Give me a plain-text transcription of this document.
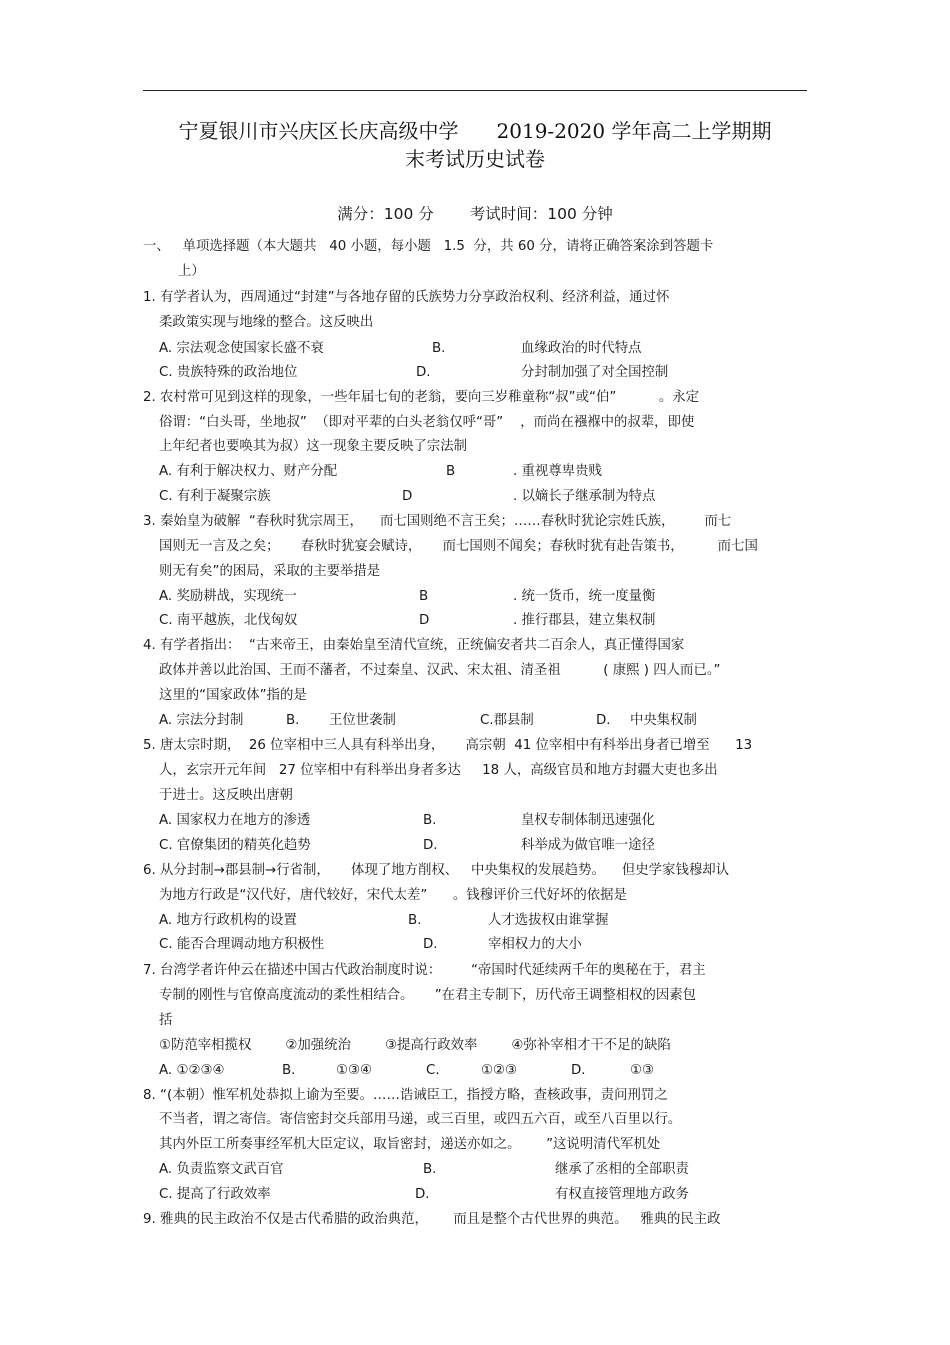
宁夏银川市兴庆区长庆高级中学 2019-2020 学年高二上学期期
末考试历史试卷
满分：100 分 考试时间：100 分钟
一、   单项选择题（本大题共   40 小题，每小题   1.5  分，共 60 分，请将正确答案涂到答题卡
上）
1. 有学者认为，西周通过“封建”与各地存留的氏族势力分享政治权利、经济利益，通过怀
柔政策实现与地缘的整合。这反映出
A. 宗法观念使国家长盛不衰	B.	血缘政治的时代特点
C. 贵族特殊的政治地位	D.	分封制加强了对全国控制
2. 农村常可见到这样的现象，一些年届七旬的老翁，要向三岁稚童称“叔”或“伯”          。永定
俗谓：“白头哥，坐地叔”  （即对平辈的白头老翁仅呼“哥”    ，而尚在襁褓中的叔辈，即使
上年纪者也要唤其为叔）这一现象主要反映了宗法制
A. 有利于解决权力、财产分配	B	. 重视尊卑贵贱
C. 有利于凝聚宗族	D	. 以嫡长子继承制为特点
3. 秦始皇为破解  “春秋时犹宗周王，    而七国则绝不言王矣；……春秋时犹论宗姓氏族，       而七
国则无一言及之矣；     春秋时犹宴会赋诗，     而七国则不闻矣；春秋时犹有赴告策书，        而七国
则无有矣”的困局，采取的主要举措是
A. 奖励耕战，实现统一	B	. 统一货币，统一度量衡
C. 南平越族，北伐匈奴	D	. 推行郡县，建立集权制
4. 有学者指出：  “古来帝王，由秦始皇至清代宣统，正统偏安者共二百余人，真正懂得国家
政体并善以此治国、王而不藩者，不过秦皇、汉武、宋太祖、清圣祖          ( 康熙 ) 四人而已。”
这里的“国家政体”指的是
A. 宗法分封制	B. 王位世袭制	C.郡县制	D. 中央集权制
5. 唐太宗时期，  26 位宰相中三人具有科举出身，     高宗朝  41 位宰相中有科举出身者已增至      13
人，玄宗开元年间   27 位宰相中有科举出身者多达     18 人，高级官员和地方封疆大吏也多出
于进士。这反映出唐朝
A. 国家权力在地方的渗透	B.	皇权专制体制迅速强化
C. 官僚集团的精英化趋势	D.	科举成为做官唯一途径
6. 从分封制→郡县制→行省制，     体现了地方削权、   中央集权的发展趋势。    但史学家钱穆却认
为地方行政是“汉代好，唐代较好，宋代太差”      。钱穆评价三代好坏的依据是
A. 地方行政机构的设置	B.	人才选拔权由谁掌握
C. 能否合理调动地方积极性	D.	宰相权力的大小
7. 台湾学者许仲云在描述中国古代政治制度时说：       “帝国时代延续两千年的奥秘在于，君主
专制的刚性与官僚高度流动的柔性相结合。     ”在君主专制下，历代帝王调整相权的因素包
括
①防范宰相揽权        ②加强统治        ③提高行政效率        ④弥补宰相才干不足的缺陷
A. ①②③④	B.	①③④	C.	①②③	D.	①③
8. “(本朝）惟军机处恭拟上谕为至要。……诰诫臣工，指授方略，查核政事，责问刑罚之
不当者，谓之寄信。寄信密封交兵部用马递，或三百里，或四五六百，或至八百里以行。
其内外臣工所奏事经军机大臣定议，取旨密封，递送亦如之。      ”这说明清代军机处
A. 负责监察文武百官	B.	继承了丞相的全部职责
C. 提高了行政效率	D.	有权直接管理地方政务
9. 雅典的民主政治不仅是古代希腊的政治典范，      而且是整个古代世界的典范。   雅典的民主政
